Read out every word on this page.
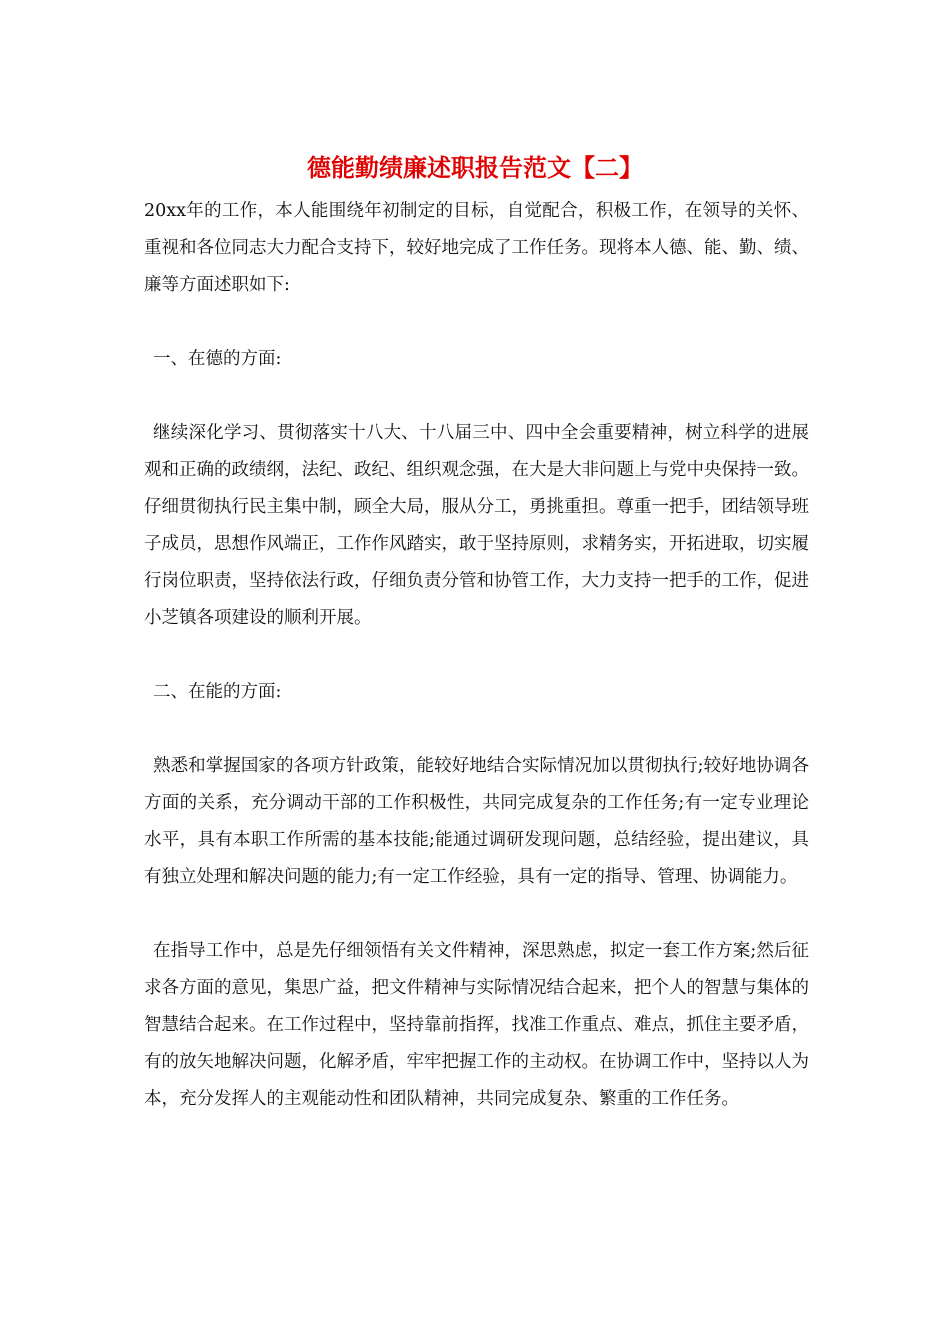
德能勤绩廉述职报告范文【二】

20xx年的工作，本人能围绕年初制定的目标，自觉配合，积极工作，在领导的关怀、重视和各位同志大力配合支持下，较好地完成了工作任务。现将本人德、能、勤、绩、廉等方面述职如下:

一、在德的方面:

继续深化学习、贯彻落实十八大、十八届三中、四中全会重要精神，树立科学的进展观和正确的政绩纲，法纪、政纪、组织观念强，在大是大非问题上与党中央保持一致。仔细贯彻执行民主集中制，顾全大局，服从分工，勇挑重担。尊重一把手，团结领导班子成员，思想作风端正，工作作风踏实，敢于坚持原则，求精务实，开拓进取，切实履行岗位职责，坚持依法行政，仔细负责分管和协管工作，大力支持一把手的工作，促进小芝镇各项建设的顺利开展。

二、在能的方面:

熟悉和掌握国家的各项方针政策，能较好地结合实际情况加以贯彻执行;较好地协调各方面的关系，充分调动干部的工作积极性，共同完成复杂的工作任务;有一定专业理论水平，具有本职工作所需的基本技能;能通过调研发现问题，总结经验，提出建议，具有独立处理和解决问题的能力;有一定工作经验，具有一定的指导、管理、协调能力。

在指导工作中，总是先仔细领悟有关文件精神，深思熟虑，拟定一套工作方案;然后征求各方面的意见，集思广益，把文件精神与实际情况结合起来，把个人的智慧与集体的智慧结合起来。在工作过程中，坚持靠前指挥，找准工作重点、难点，抓住主要矛盾，有的放矢地解决问题，化解矛盾，牢牢把握工作的主动权。在协调工作中，坚持以人为本，充分发挥人的主观能动性和团队精神，共同完成复杂、繁重的工作任务。
